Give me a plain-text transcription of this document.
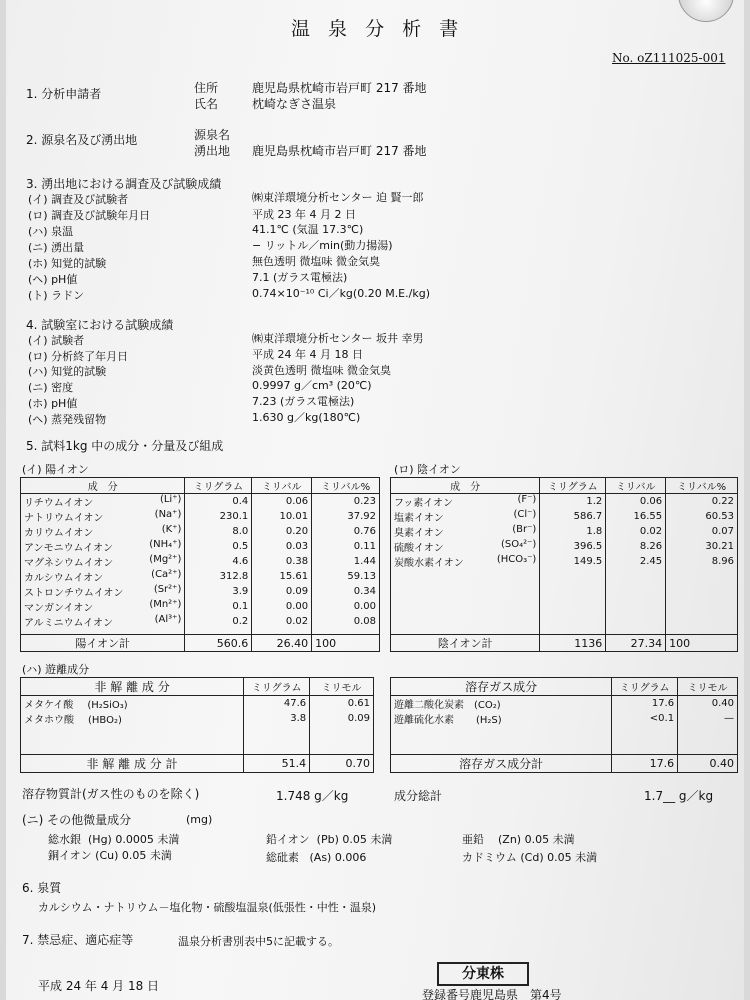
温 泉 分 析 書
No. oZ111025-001
1. 分析申請者	住所	鹿児島県枕崎市岩戸町 217 番地
氏名	枕崎なぎさ温泉
2. 源泉名及び湧出地	源泉名
湧出地 鹿児島県枕崎市岩戸町 217 番地
3. 湧出地における調査及び試験成績
(イ) 調査及び試験者	㈱東洋環境分析センター 迫 賢一郎
(ロ) 調査及び試験年月日	平成 23 年 4 月 2 日
(ハ) 泉温	41.1℃ (気温 17.3℃)
(ニ) 湧出量	− リットル／min(動力揚湯)
(ホ) 知覚的試験	無色透明 微塩味 微金気臭
(ヘ) pH値	7.1 (ガラス電極法)
(ト) ラドン	0.74×10⁻¹⁰ Ci／kg(0.20 M.E./kg)
4. 試験室における試験成績
(イ) 試験者	㈱東洋環境分析センター 坂井 幸男
(ロ) 分析終了年月日	平成 24 年 4 月 18 日
(ハ) 知覚的試験	淡黄色透明 微塩味 微金気臭
(ニ) 密度	0.9997 g／cm³ (20℃)
(ホ) pH値	7.23 (ガラス電極法)
(ヘ) 蒸発残留物	1.630 g／kg(180℃)
5. 試料1kg 中の成分・分量及び組成
(イ) 陽イオン
成　分	ミリグラム	ミリバル	ミリバル%
リチウムイオン (Li⁺)	0.4	0.06	0.23
ナトリウムイオン (Na⁺)	230.1	10.01	37.92
カリウムイオン (K⁺)	8.0	0.20	0.76
アンモニウムイオン (NH₄⁺)	0.5	0.03	0.11
マグネシウムイオン (Mg²⁺)	4.6	0.38	1.44
カルシウムイオン (Ca²⁺)	312.8	15.61	59.13
ストロンチウムイオン (Sr²⁺)	3.9	0.09	0.34
マンガンイオン (Mn²⁺)	0.1	0.00	0.00
アルミニウムイオン (Al³⁺)	0.2	0.02	0.08

陽イオン計	560.6	26.40	100
(ロ) 陰イオン
成　分	ミリグラム	ミリバル	ミリバル%
フッ素イオン (F⁻)	1.2	0.06	0.22
塩素イオン (Cl⁻)	586.7	16.55	60.53
臭素イオン (Br⁻)	1.8	0.02	0.07
硫酸イオン (SO₄²⁻)	396.5	8.26	30.21
炭酸水素イオン (HCO₃⁻)	149.5	2.45	8.96

陰イオン計	1136	27.34	100
(ハ) 遊離成分
非 解 離 成 分	ミリグラム	ミリモル
メタケイ酸 (H₂SiO₃)	47.6	0.61
メタホウ酸 (HBO₂)	3.8	0.09

非 解 離 成 分 計	51.4	0.70
溶存ガス成分	ミリグラム	ミリモル
遊離二酸化炭素 (CO₂)	17.6	0.40
遊離硫化水素 (H₂S)	<0.1	—

溶存ガス成分計	17.6	0.40
溶存物質計(ガス性のものを除く)	1.748 g／kg	成分総計	1.7__ g／kg
(ニ) その他微量成分	(mg)
総水銀 (Hg) 0.0005 未満	鉛イオン (Pb) 0.05 未満	亜鉛 (Zn) 0.05 未満
銅イオン (Cu) 0.05 未満	総砒素 (As) 0.006	カドミウム (Cd) 0.05 未満
6. 泉質
カルシウム・ナトリウム－塩化物・硫酸塩温泉(低張性・中性・温泉)
7. 禁忌症、適応症等	温泉分析書別表中5に記載する。
平成 24 年 4 月 18 日
分東株
登録番号鹿児島県　第4号
